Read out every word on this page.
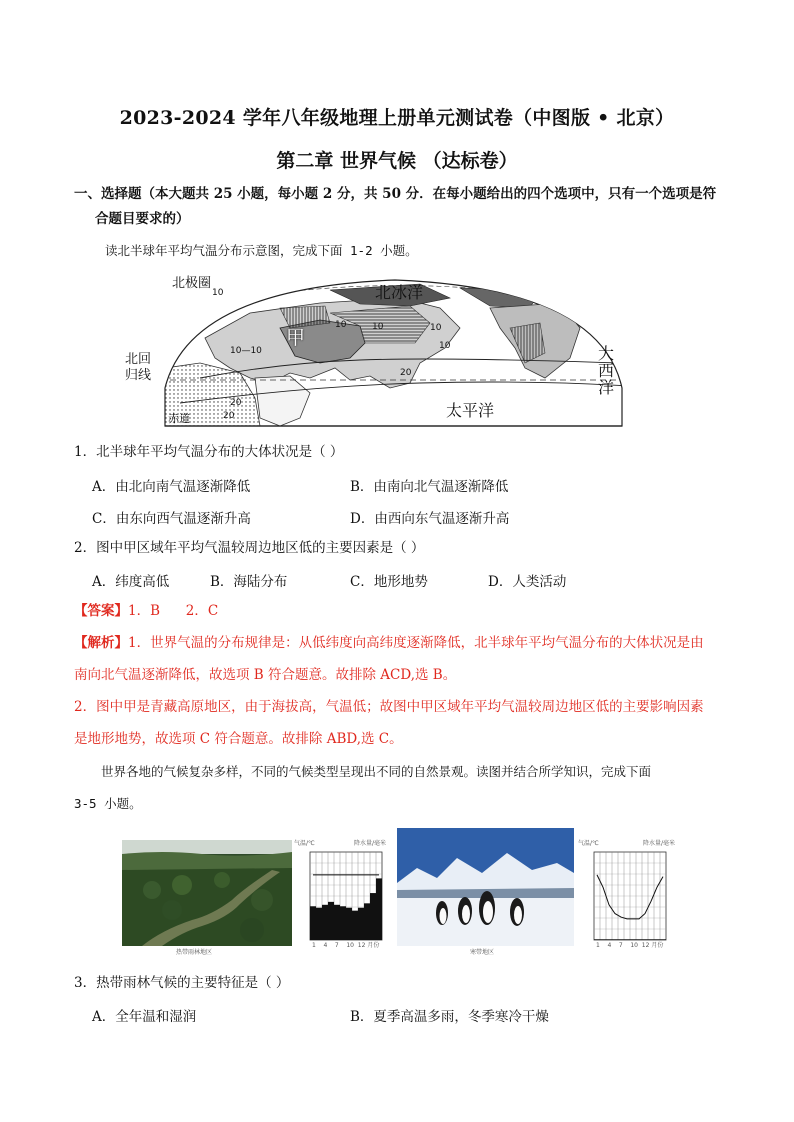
2023-2024 学年八年级地理上册单元测试卷（中图版 • 北京）
第二章 世界气候 （达标卷）
一、选择题（本大题共 25 小题，每小题 2 分，共 50 分．在每小题给出的四个选项中，只有一个选项是符
合题目要求的）
读北半球年平均气温分布示意图，完成下面 1-2 小题。
北极圈	北冰洋
甲
北回
归线
大
西
洋
太平洋
赤道
10
10	10	10
10
10—10
20
20
20
1．北半球年平均气温分布的大体状况是（ ）
A．由北向南气温逐渐降低	B．由南向北气温逐渐降低
C．由东向西气温逐渐升高	D．由西向东气温逐渐升高
2．图中甲区域年平均气温较周边地区低的主要因素是（ ）
A．纬度高低	B．海陆分布	C．地形地势	D．人类活动
【答案】1．B      2．C
【解析】1．世界气温的分布规律是：从低纬度向高纬度逐渐降低，北半球年平均气温分布的大体状况是由
南向北气温逐渐降低，故选项 B 符合题意。故排除 ACD,选 B。
2．图中甲是青藏高原地区，由于海拔高，气温低；故图中甲区域年平均气温较周边地区低的主要影响因素
是地形地势，故选项 C 符合题意。故排除 ABD,选 C。
世界各地的气候复杂多样，不同的气候类型呈现出不同的自然景观。读图并结合所学知识，完成下面
3-5 小题。
热带雨林地区
气温/℃	降水量/毫米
1    4    7    10  12 月份
寒带地区
气温/℃	降水量/毫米
1    4    7    10  12 月份
3．热带雨林气候的主要特征是（ ）
A．全年温和湿润	B．夏季高温多雨，冬季寒冷干燥
